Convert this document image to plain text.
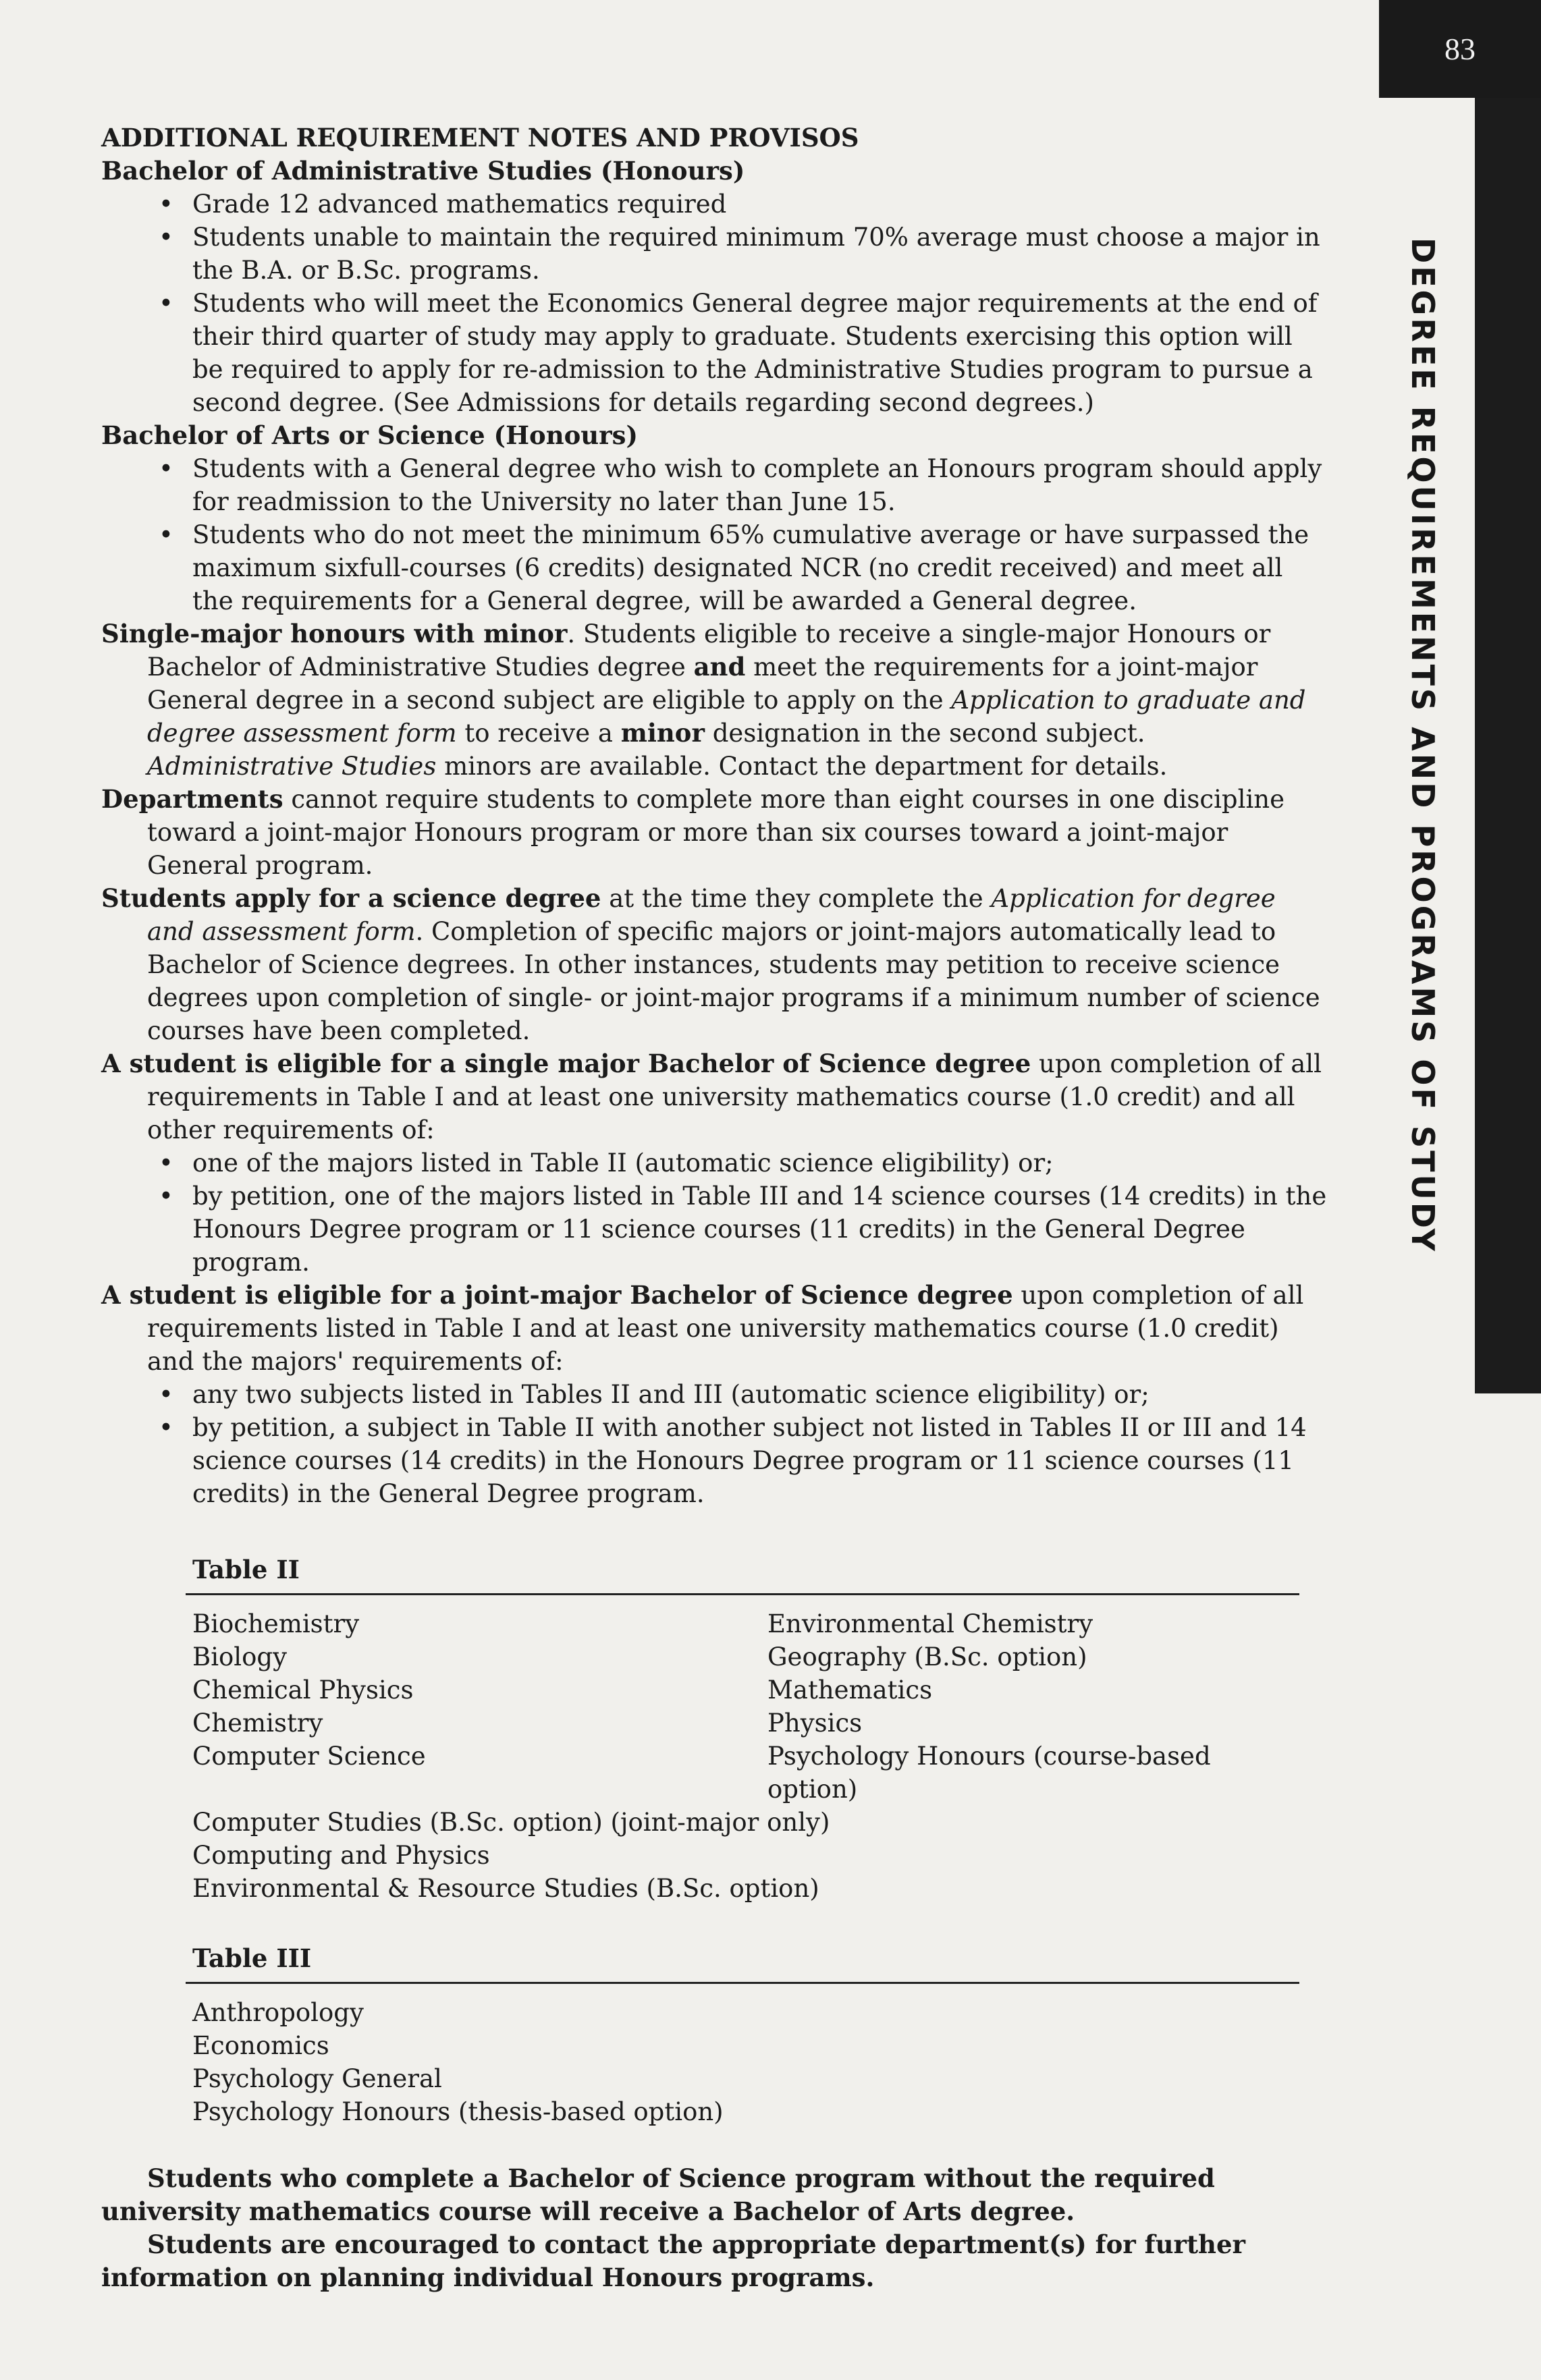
83
DEGREE REQUIREMENTS AND PROGRAMS OF STUDY

ADDITIONAL REQUIREMENT NOTES AND PROVISOS

Bachelor of Administrative Studies (Honours)

• Grade 12 advanced mathematics required
• Students unable to maintain the required minimum 70% average must choose a major in the B.A. or B.Sc. programs.
• Students who will meet the Economics General degree major requirements at the end of their third quarter of study may apply to graduate. Students exercising this option will be required to apply for re-admission to the Administrative Studies program to pursue a second degree. (See Admissions for details regarding second degrees.)

Bachelor of Arts or Science (Honours)

• Students with a General degree who wish to complete an Honours program should apply for readmission to the University no later than June 15.
• Students who do not meet the minimum 65% cumulative average or have surpassed the maximum sixfull-courses (6 credits) designated NCR (no credit received) and meet all the requirements for a General degree, will be awarded a General degree.

Single-major honours with minor. Students eligible to receive a single-major Honours or Bachelor of Administrative Studies degree and meet the requirements for a joint-major General degree in a second subject are eligible to apply on the Application to graduate and degree assessment form to receive a minor designation in the second subject. Administrative Studies minors are available. Contact the department for details.

Departments cannot require students to complete more than eight courses in one discipline toward a joint-major Honours program or more than six courses toward a joint-major General program.

Students apply for a science degree at the time they complete the Application for degree and assessment form. Completion of specific majors or joint-majors automatically lead to Bachelor of Science degrees. In other instances, students may petition to receive science degrees upon completion of single- or joint-major programs if a minimum number of science courses have been completed.

A student is eligible for a single major Bachelor of Science degree upon completion of all requirements in Table I and at least one university mathematics course (1.0 credit) and all other requirements of:

• one of the majors listed in Table II (automatic science eligibility) or;
• by petition, one of the majors listed in Table III and 14 science courses (14 credits) in the Honours Degree program or 11 science courses (11 credits) in the General Degree program.

A student is eligible for a joint-major Bachelor of Science degree upon completion of all requirements listed in Table I and at least one university mathematics course (1.0 credit) and the majors' requirements of:

• any two subjects listed in Tables II and III (automatic science eligibility) or;
• by petition, a subject in Table II with another subject not listed in Tables II or III and 14 science courses (14 credits) in the Honours Degree program or 11 science courses (11 credits) in the General Degree program.

Table II

Biochemistry	Environmental Chemistry
Biology	Geography (B.Sc. option)
Chemical Physics	Mathematics
Chemistry	Physics
Computer Science	Psychology Honours (course-based option)
Computer Studies (B.Sc. option) (joint-major only)
Computing and Physics
Environmental & Resource Studies (B.Sc. option)

Table III

Anthropology
Economics
Psychology General
Psychology Honours (thesis-based option)

Students who complete a Bachelor of Science program without the required university mathematics course will receive a Bachelor of Arts degree.

Students are encouraged to contact the appropriate department(s) for further information on planning individual Honours programs.
